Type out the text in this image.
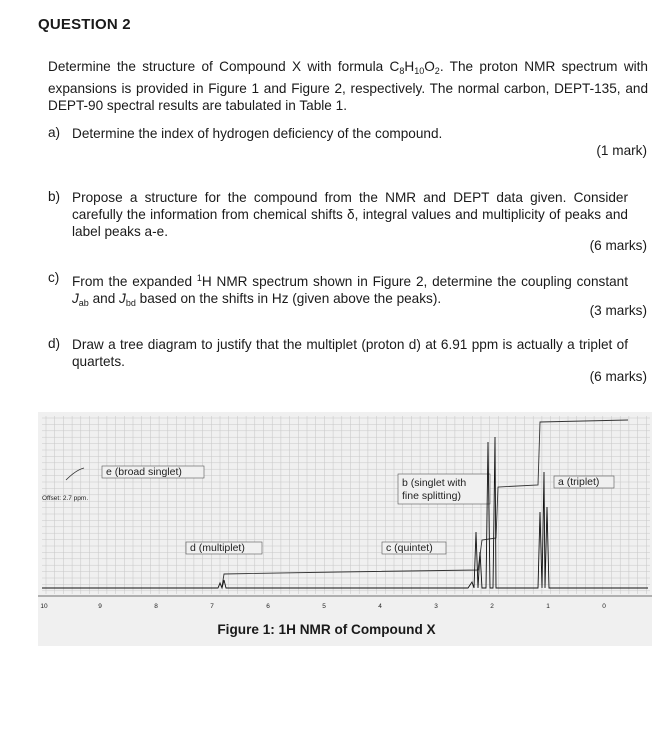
QUESTION 2
Determine the structure of Compound X with formula $C_8H_{10}O_2$. The proton NMR spectrum with expansions is provided in Figure 1 and Figure 2, respectively. The normal carbon, DEPT-135, and DEPT-90 spectral results are tabulated in Table 1.
a) Determine the index of hydrogen deficiency of the compound.
(1 mark)
b) Propose a structure for the compound from the NMR and DEPT data given. Consider carefully the information from chemical shifts δ, integral values and multiplicity of peaks and label peaks a-e.
(6 marks)
c) From the expanded $^1$H NMR spectrum shown in Figure 2, determine the coupling constant $J_{ab}$ and $J_{bd}$ based on the shifts in Hz (given above the peaks).
(3 marks)
d) Draw a tree diagram to justify that the multiplet (proton d) at 6.91 ppm is actually a triplet of quartets.
(6 marks)
e (broad singlet)
Offset: 2.7 ppm.
b (singlet with
fine splitting)
a (triplet)
d (multiplet)	c (quintet)
10	9	8	7	6	5	4	3	2	1	0
Figure 1: 1H NMR of Compound X
